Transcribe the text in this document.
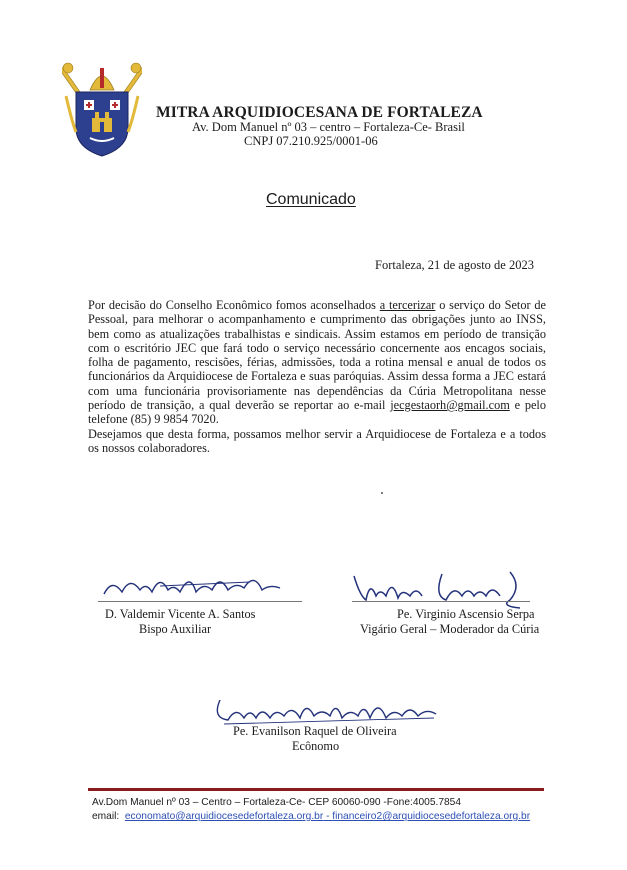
MITRA ARQUIDIOCESANA DE FORTALEZA
Av. Dom Manuel nº 03 – centro – Fortaleza-Ce- Brasil
CNPJ 07.210.925/0001-06
Comunicado
Fortaleza, 21 de agosto de 2023

Por decisão do Conselho Econômico fomos aconselhados a tercerizar o serviço do Setor de Pessoal, para melhorar o acompanhamento e cumprimento das obrigações junto ao INSS, bem como as atualizações trabalhistas e sindicais. Assim estamos em período de transição com o escritório JEC que fará todo o serviço necessário concernente aos encagos sociais, folha de pagamento, rescisões, férias, admissões, toda a rotina mensal e anual de todos os funcionários da Arquidiocese de Fortaleza e suas paróquias. Assim dessa forma a JEC estará com uma funcionária provisoriamente nas dependências da Cúria Metropolitana nesse período de transição, a qual deverão se reportar ao e-mail jecgestaorh@gmail.com e pelo telefone (85) 9 9854 7020.

Desejamos que desta forma, possamos melhor servir a Arquidiocese de Fortaleza e a todos os nossos colaboradores.

D. Valdemir Vicente A. Santos
Bispo Auxiliar
Pe. Virginio Ascensio Serpa
Vigário Geral – Moderador da Cúria
Pe. Evanilson Raquel de Oliveira
Ecônomo
Av.Dom Manuel nº 03 – Centro – Fortaleza-Ce- CEP 60060-090 -Fone:4005.7854
email: economato@arquidiocesedefortaleza.org.br - financeiro2@arquidiocesedefortaleza.org.br
